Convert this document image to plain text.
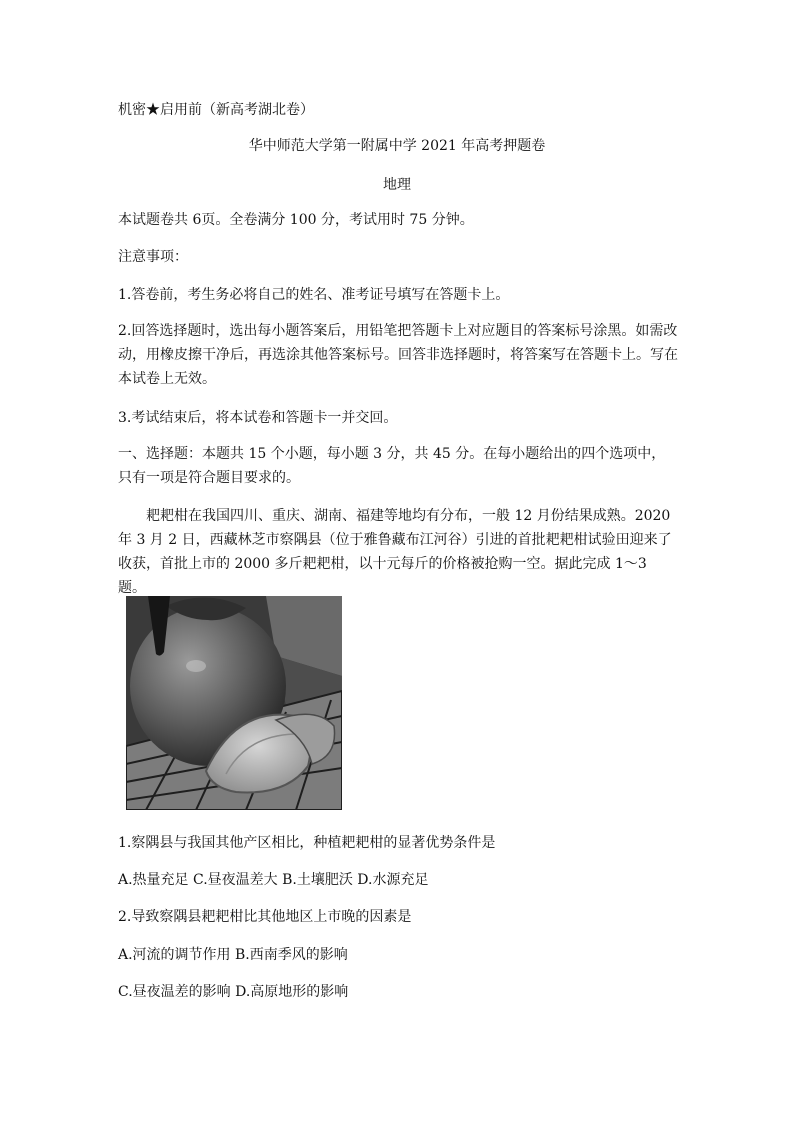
机密★启用前（新高考湖北卷）
华中师范大学第一附属中学 2021 年高考押题卷
地理
本试题卷共 6页。全卷满分 100 分，考试用时 75 分钟。
注意事项：
1.答卷前，考生务必将自己的姓名、准考证号填写在答题卡上。
2.回答选择题时，选出每小题答案后，用铅笔把答题卡上对应题目的答案标号涂黑。如需改动，用橡皮擦干净后，再选涂其他答案标号。回答非选择题时，将答案写在答题卡上。写在本试卷上无效。
3.考试结束后，将本试卷和答题卡一并交回。
一、选择题：本题共 15 个小题，每小题 3 分，共 45 分。在每小题给出的四个选项中，只有一项是符合题目要求的。
耙耙柑在我国四川、重庆、湖南、福建等地均有分布，一般 12 月份结果成熟。2020 年 3 月 2 日，西藏林芝市察隅县（位于雅鲁藏布江河谷）引进的首批耙耙柑试验田迎来了收获，首批上市的 2000 多斤耙耙柑，以十元每斤的价格被抢购一空。据此完成 1～3 题。
1.察隅县与我国其他产区相比，种植耙耙柑的显著优势条件是
A.热量充足 C.昼夜温差大 B.土壤肥沃 D.水源充足
2.导致察隅县耙耙柑比其他地区上市晚的因素是
A.河流的调节作用 B.西南季风的影响
C.昼夜温差的影响 D.高原地形的影响
